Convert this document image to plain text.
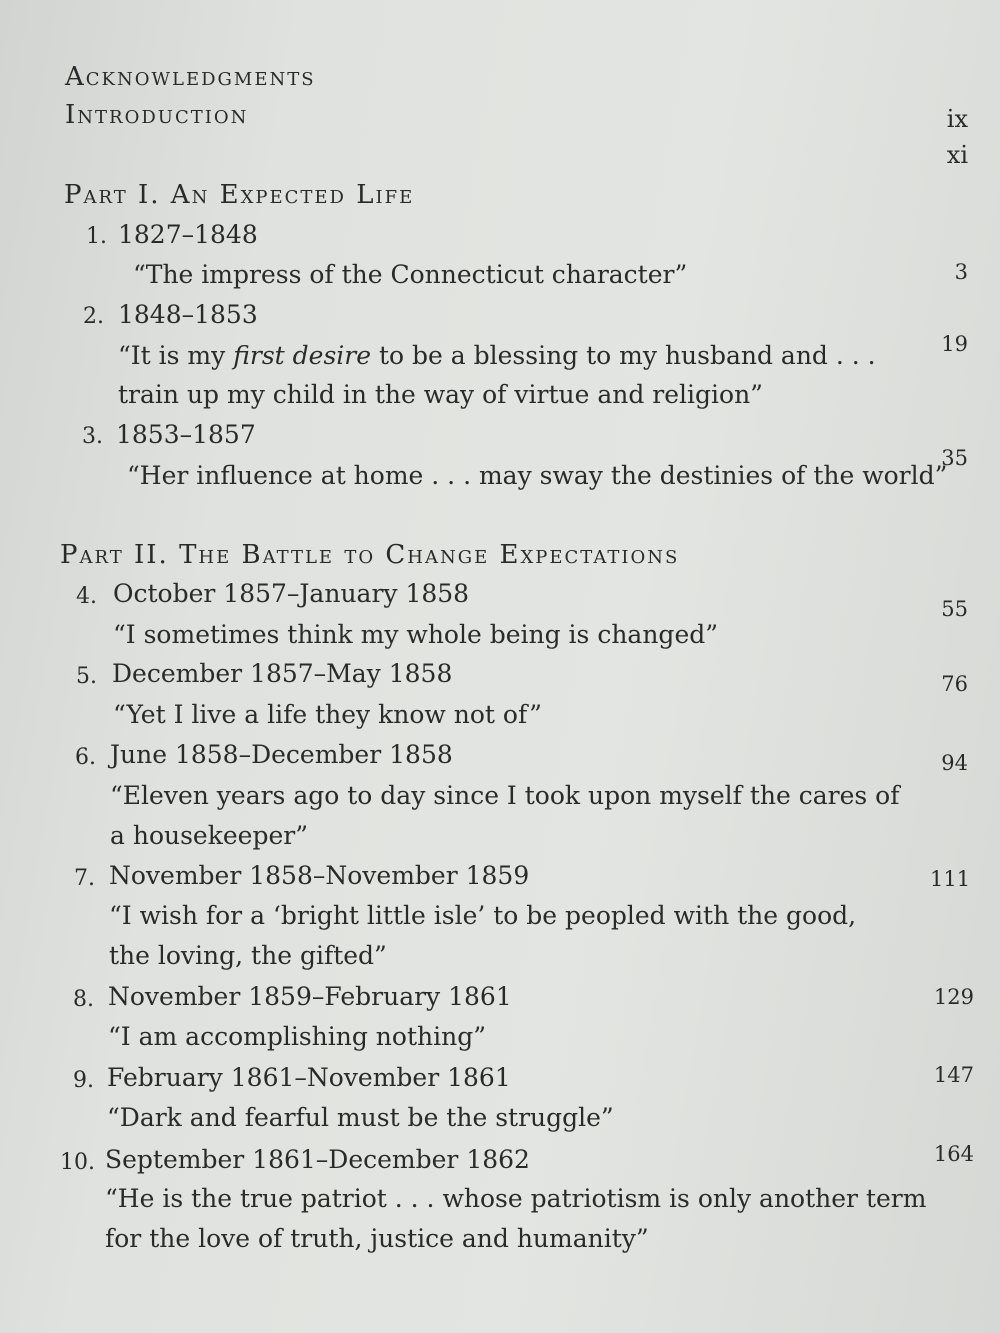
Acknowledgments
Introduction	ix
xi
Part I. An Expected Life
1. 1827–1848
“The impress of the Connecticut character”	3
2. 1848–1853
“It is my first desire to be a blessing to my husband and . . .
train up my child in the way of virtue and religion”
19
3. 1853–1857
“Her influence at home . . . may sway the destinies of the world”
35
Part II. The Battle to Change Expectations
4. October 1857–January 1858
“I sometimes think my whole being is changed”
55
5. December 1857–May 1858
“Yet I live a life they know not of”
76
6. June 1858–December 1858
“Eleven years ago to day since I took upon myself the cares of
a housekeeper”
94
7. November 1858–November 1859
“I wish for a ‘bright little isle’ to be peopled with the good,
the loving, the gifted”
111
8. November 1859–February 1861
“I am accomplishing nothing”
129
9. February 1861–November 1861
“Dark and fearful must be the struggle”
147
10. September 1861–December 1862
“He is the true patriot . . . whose patriotism is only another term
for the love of truth, justice and humanity”
164
